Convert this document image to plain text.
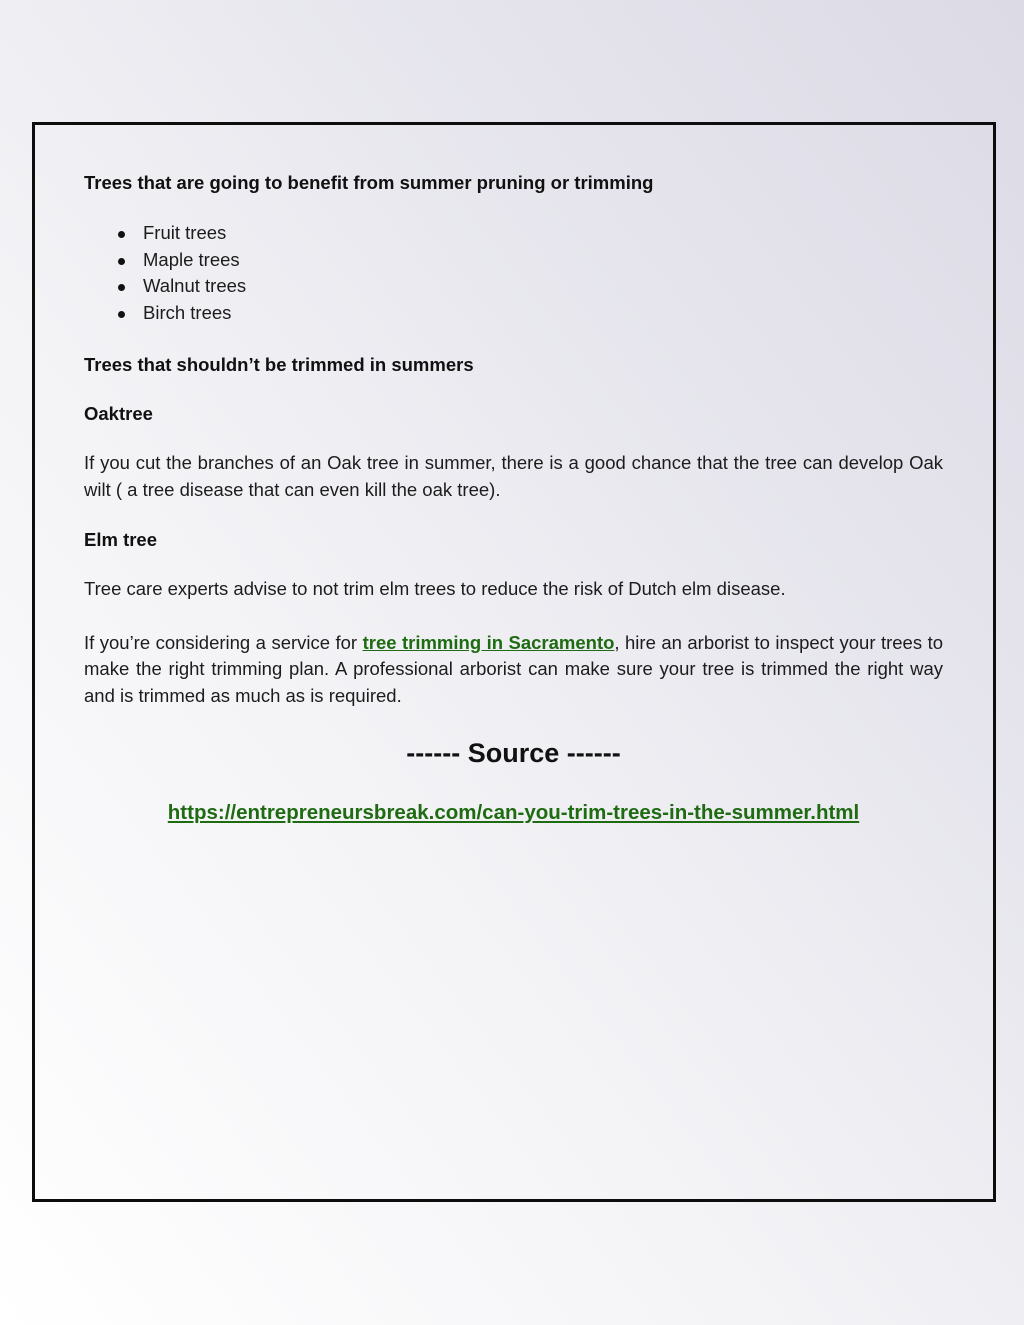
Trees that are going to benefit from summer pruning or trimming

Fruit trees
Maple trees
Walnut trees
Birch trees

Trees that shouldn’t be trimmed in summers

Oaktree

If you cut the branches of an Oak tree in summer, there is a good chance that the tree can develop Oak wilt ( a tree disease that can even kill the oak tree).

Elm tree

Tree care experts advise to not trim elm trees to reduce the risk of Dutch elm disease.

If you’re considering a service for tree trimming in Sacramento, hire an arborist to inspect your trees to make the right trimming plan. A professional arborist can make sure your tree is trimmed the right way and is trimmed as much as is required.

------ Source ------

https://entrepreneursbreak.com/can-you-trim-trees-in-the-summer.html
